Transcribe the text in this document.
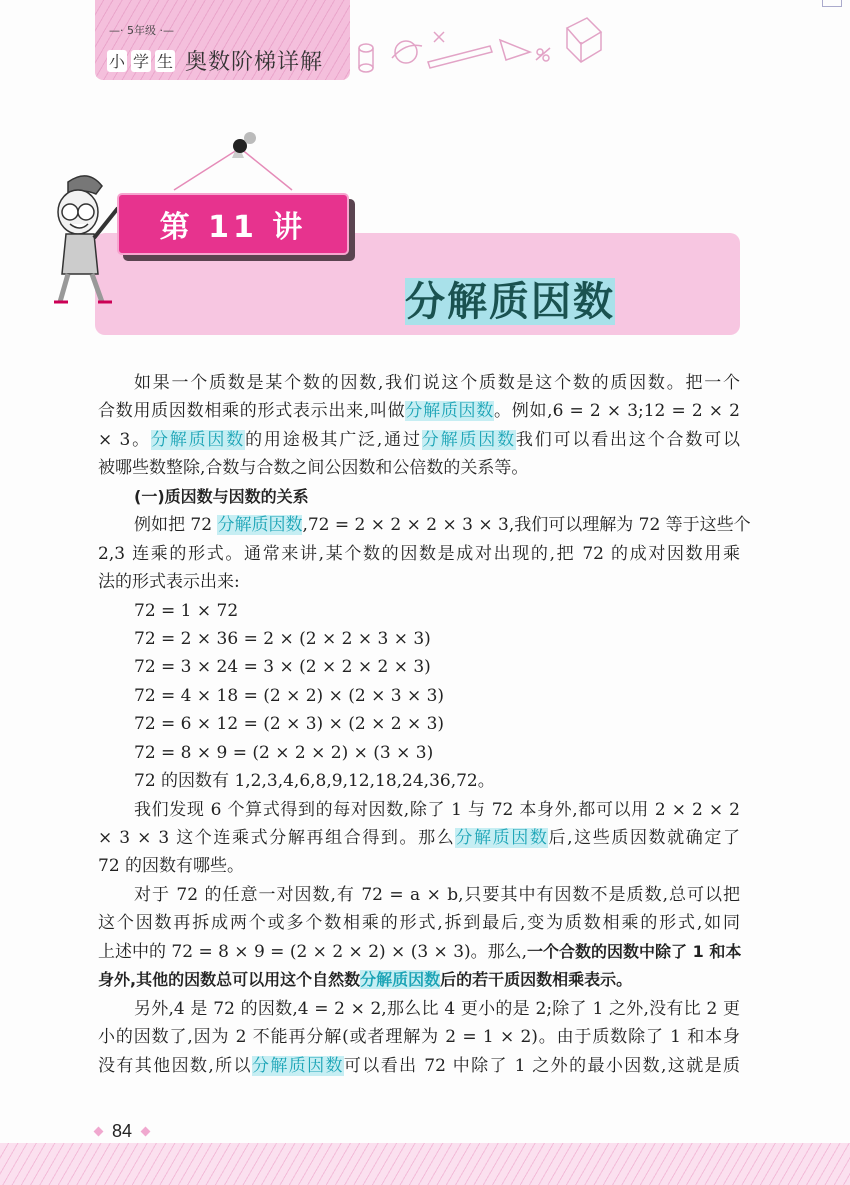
—· 5年级 ·—
小 学 生 奥数阶梯详解
第 11 讲
分解质因数
如果一个质数是某个数的因数,我们说这个质数是这个数的质因数。把一个
合数用质因数相乘的形式表示出来,叫做分解质因数。例如,6 = 2 × 3;12 = 2 × 2
× 3。分解质因数的用途极其广泛,通过分解质因数我们可以看出这个合数可以
被哪些数整除,合数与合数之间公因数和公倍数的关系等。
(一)质因数与因数的关系
例如把 72 分解质因数,72 = 2 × 2 × 2 × 3 × 3,我们可以理解为 72 等于这些个
2,3 连乘的形式。通常来讲,某个数的因数是成对出现的,把 72 的成对因数用乘
法的形式表示出来:
72 = 1 × 72
72 = 2 × 36 = 2 × (2 × 2 × 3 × 3)
72 = 3 × 24 = 3 × (2 × 2 × 2 × 3)
72 = 4 × 18 = (2 × 2) × (2 × 3 × 3)
72 = 6 × 12 = (2 × 3) × (2 × 2 × 3)
72 = 8 × 9 = (2 × 2 × 2) × (3 × 3)
72 的因数有 1,2,3,4,6,8,9,12,18,24,36,72。
我们发现 6 个算式得到的每对因数,除了 1 与 72 本身外,都可以用 2 × 2 × 2
× 3 × 3 这个连乘式分解再组合得到。那么分解质因数后,这些质因数就确定了
72 的因数有哪些。
对于 72 的任意一对因数,有 72 = a × b,只要其中有因数不是质数,总可以把
这个因数再拆成两个或多个数相乘的形式,拆到最后,变为质数相乘的形式,如同
上述中的 72 = 8 × 9 = (2 × 2 × 2) × (3 × 3)。那么,一个合数的因数中除了 1 和本
身外,其他的因数总可以用这个自然数分解质因数后的若干质因数相乘表示。
另外,4 是 72 的因数,4 = 2 × 2,那么比 4 更小的是 2;除了 1 之外,没有比 2 更
小的因数了,因为 2 不能再分解(或者理解为 2 = 1 × 2)。由于质数除了 1 和本身
没有其他因数,所以分解质因数可以看出 72 中除了 1 之外的最小因数,这就是质
84
